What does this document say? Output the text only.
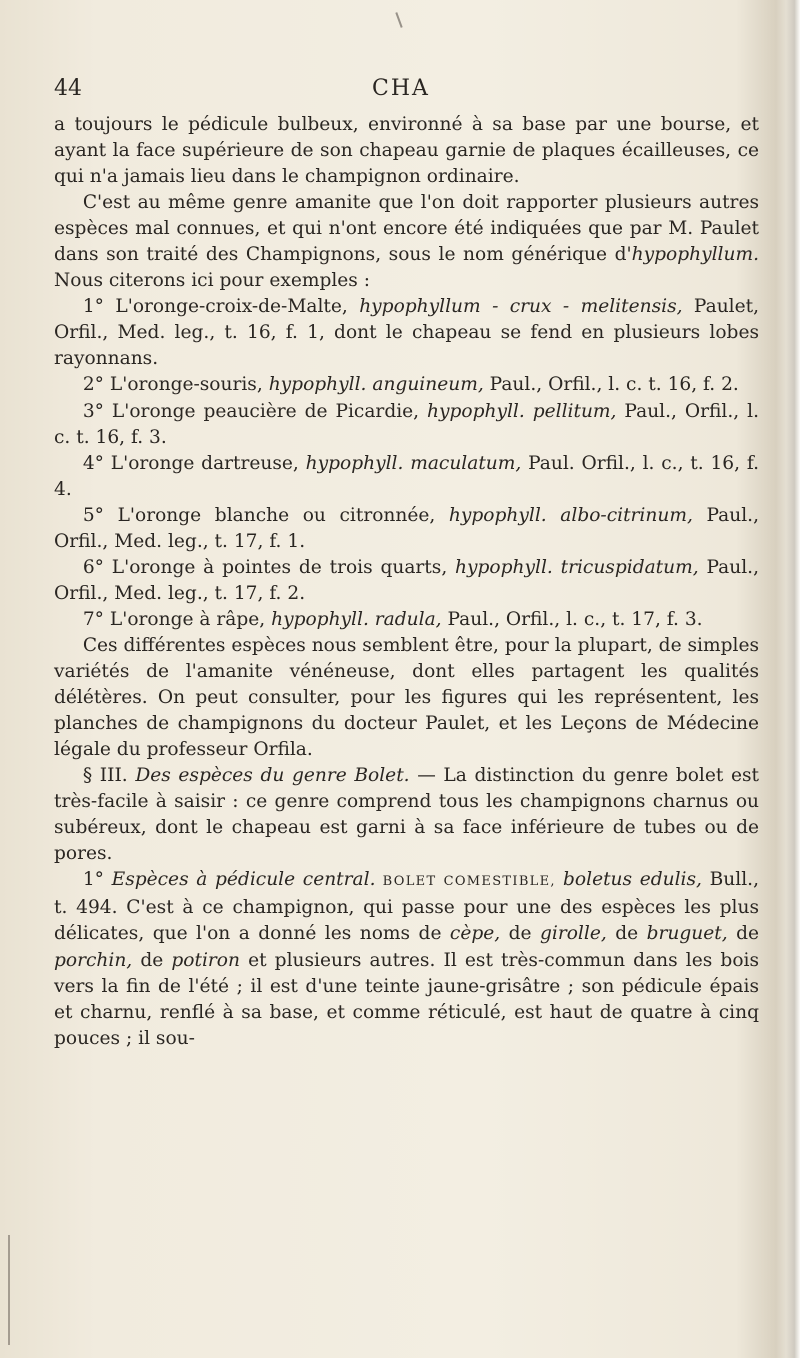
44	CHA

a toujours le pédicule bulbeux, environné à sa base par une bourse, et ayant la face supérieure de son chapeau garnie de plaques écailleuses, ce qui n'a jamais lieu dans le champignon ordinaire.

C'est au même genre amanite que l'on doit rapporter plusieurs autres espèces mal connues, et qui n'ont encore été indiquées que par M. Paulet dans son traité des Champignons, sous le nom générique d'hypophyllum. Nous citerons ici pour exemples :

1° L'oronge-croix-de-Malte, hypophyllum - crux - melitensis, Paulet, Orfil., Med. leg., t. 16, f. 1, dont le chapeau se fend en plusieurs lobes rayonnans.

2° L'oronge-souris, hypophyll. anguineum, Paul., Orfil., l. c. t. 16, f. 2.

3° L'oronge peaucière de Picardie, hypophyll. pellitum, Paul., Orfil., l. c. t. 16, f. 3.

4° L'oronge dartreuse, hypophyll. maculatum, Paul. Orfil., l. c., t. 16, f. 4.

5° L'oronge blanche ou citronnée, hypophyll. albo-citrinum, Paul., Orfil., Med. leg., t. 17, f. 1.

6° L'oronge à pointes de trois quarts, hypophyll. tricuspidatum, Paul., Orfil., Med. leg., t. 17, f. 2.

7° L'oronge à râpe, hypophyll. radula, Paul., Orfil., l. c., t. 17, f. 3.

Ces différentes espèces nous semblent être, pour la plupart, de simples variétés de l'amanite vénéneuse, dont elles partagent les qualités délétères. On peut consulter, pour les figures qui les représentent, les planches de champignons du docteur Paulet, et les Leçons de Médecine légale du professeur Orfila.

§ III. Des espèces du genre Bolet. — La distinction du genre bolet est très-facile à saisir : ce genre comprend tous les champignons charnus ou subéreux, dont le chapeau est garni à sa face inférieure de tubes ou de pores.

1° Espèces à pédicule central. BOLET COMESTIBLE, boletus edulis, Bull., t. 494. C'est à ce champignon, qui passe pour une des espèces les plus délicates, que l'on a donné les noms de cèpe, de girolle, de bruguet, de porchin, de potiron et plusieurs autres. Il est très-commun dans les bois vers la fin de l'été ; il est d'une teinte jaune-grisâtre ; son pédicule épais et charnu, renflé à sa base, et comme réticulé, est haut de quatre à cinq pouces ; il sou-
